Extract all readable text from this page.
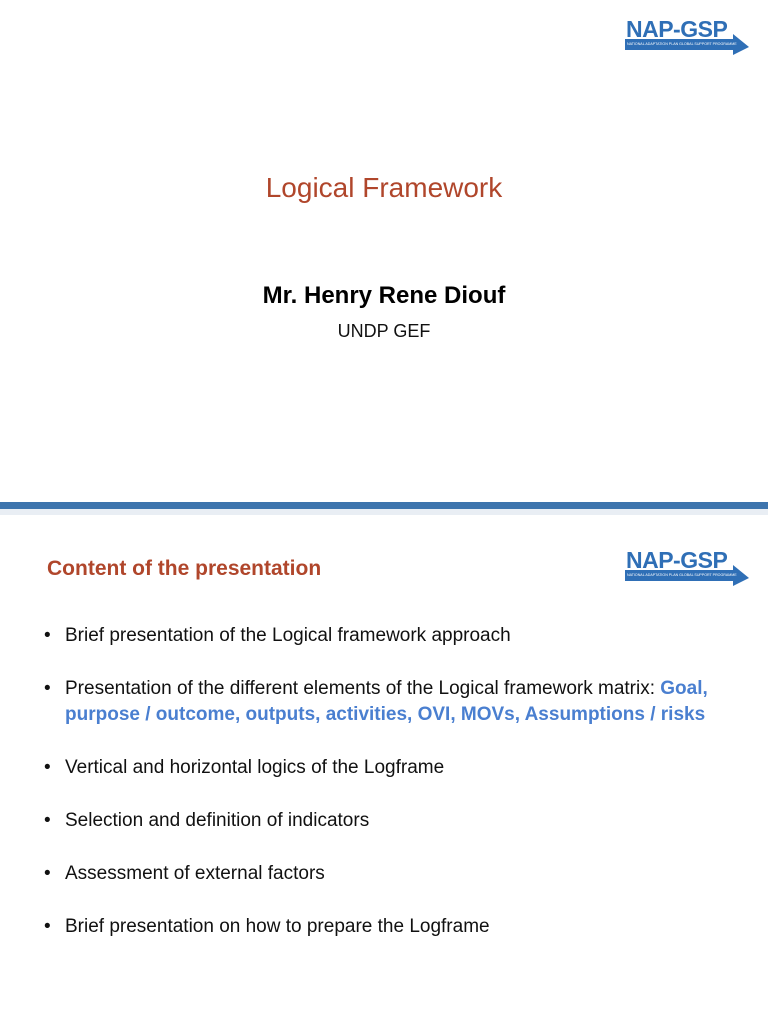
NAP-GSP
NATIONAL ADAPTATION PLAN GLOBAL SUPPORT PROGRAMME
Logical Framework
Mr. Henry Rene Diouf
UNDP GEF
NAP-GSP
NATIONAL ADAPTATION PLAN GLOBAL SUPPORT PROGRAMME
Content of the presentation
• Brief presentation of the Logical framework approach
• Presentation of the different elements of the Logical framework matrix: Goal, purpose / outcome, outputs, activities, OVI, MOVs, Assumptions / risks
• Vertical and horizontal logics of the Logframe
• Selection and definition of indicators
• Assessment of external factors
• Brief presentation on how to prepare the Logframe
